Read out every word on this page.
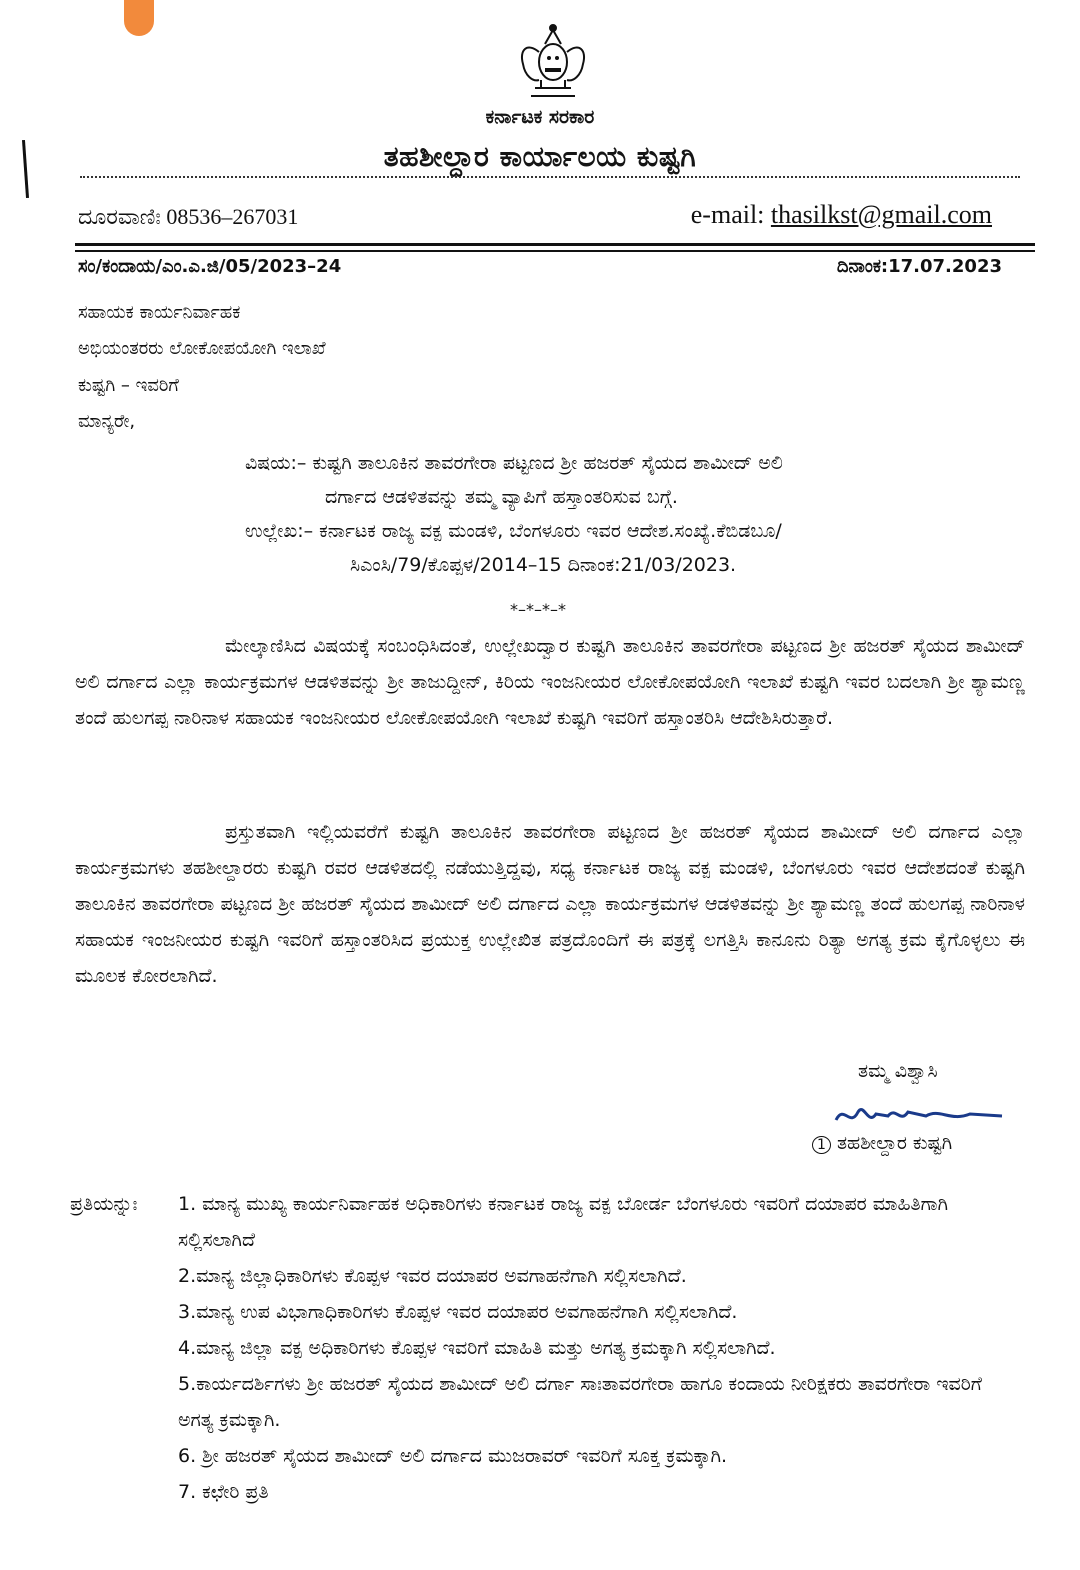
ಕರ್ನಾಟಕ ಸರಕಾರ
ತಹಶೀಲ್ದಾರ ಕಾರ್ಯಾಲಯ ಕುಷ್ಟಗಿ
ದೂರವಾಣಿಃ 08536–267031	e-mail: thasilkst@gmail.com
ಸಂ/ಕಂದಾಯ/ಎಂ.ಎ.ಜಿ/05/2023–24	ದಿನಾಂಕ:17.07.2023
ಸಹಾಯಕ ಕಾರ್ಯನಿರ್ವಾಹಕ
ಅಭಿಯಂತರರು ಲೋಕೋಪಯೋಗಿ ಇಲಾಖೆ
ಕುಷ್ಟಗಿ – ಇವರಿಗೆ
ಮಾನ್ಯರೇ,
ವಿಷಯ:– ಕುಷ್ಟಗಿ ತಾಲೂಕಿನ ತಾವರಗೇರಾ ಪಟ್ಟಣದ ಶ್ರೀ ಹಜರತ್ ಸೈಯದ ಶಾಮೀದ್ ಅಲಿ
ದರ್ಗಾದ ಆಡಳಿತವನ್ನು ತಮ್ಮ ವ್ಯಾಪಿಗೆ ಹಸ್ತಾಂತರಿಸುವ ಬಗ್ಗೆ.
ಉಲ್ಲೇಖ:– ಕರ್ನಾಟಕ ರಾಜ್ಯ ವಕ್ಪ ಮಂಡಳಿ, ಬೆಂಗಳೂರು ಇವರ ಆದೇಶ.ಸಂಖ್ಯೆ.ಕೆಬಿಡಬೂ/
ಸಿಎಂಸಿ/79/ಕೊಪ್ಪಳ/2014–15 ದಿನಾಂಕ:21/03/2023.
*–*–*–*
ಮೇಲ್ಕಾಣಿಸಿದ ವಿಷಯಕ್ಕೆ ಸಂಬಂಧಿಸಿದಂತೆ, ಉಲ್ಲೇಖದ್ವಾರ ಕುಷ್ಟಗಿ ತಾಲೂಕಿನ ತಾವರಗೇರಾ ಪಟ್ಟಣದ ಶ್ರೀ ಹಜರತ್ ಸೈಯದ ಶಾಮೀದ್ ಅಲಿ ದರ್ಗಾದ ಎಲ್ಲಾ ಕಾರ್ಯಕ್ರಮಗಳ ಆಡಳಿತವನ್ನು ಶ್ರೀ ತಾಜುದ್ದೀನ್, ಕಿರಿಯ ಇಂಜನೀಯರ ಲೋಕೋಪಯೋಗಿ ಇಲಾಖೆ ಕುಷ್ಟಗಿ ಇವರ ಬದಲಾಗಿ ಶ್ರೀ ಶ್ಯಾಮಣ್ಣ ತಂದೆ ಹುಲಗಪ್ಪ ನಾರಿನಾಳ ಸಹಾಯಕ ಇಂಜನೀಯರ ಲೋಕೋಪಯೋಗಿ ಇಲಾಖೆ ಕುಷ್ಟಗಿ ಇವರಿಗೆ ಹಸ್ತಾಂತರಿಸಿ ಆದೇಶಿಸಿರುತ್ತಾರೆ.
ಪ್ರಸ್ತುತವಾಗಿ ಇಲ್ಲಿಯವರೆಗೆ ಕುಷ್ಟಗಿ ತಾಲೂಕಿನ ತಾವರಗೇರಾ ಪಟ್ಟಣದ ಶ್ರೀ ಹಜರತ್ ಸೈಯದ ಶಾಮೀದ್ ಅಲಿ ದರ್ಗಾದ ಎಲ್ಲಾ ಕಾರ್ಯಕ್ರಮಗಳು ತಹಶೀಲ್ದಾರರು ಕುಷ್ಟಗಿ ರವರ ಆಡಳಿತದಲ್ಲಿ ನಡೆಯುತ್ತಿದ್ದವು, ಸಧ್ಯ ಕರ್ನಾಟಕ ರಾಜ್ಯ ವಕ್ಪ ಮಂಡಳಿ, ಬೆಂಗಳೂರು ಇವರ ಆದೇಶದಂತೆ ಕುಷ್ಟಗಿ ತಾಲೂಕಿನ ತಾವರಗೇರಾ ಪಟ್ಟಣದ ಶ್ರೀ ಹಜರತ್ ಸೈಯದ ಶಾಮೀದ್ ಅಲಿ ದರ್ಗಾದ ಎಲ್ಲಾ ಕಾರ್ಯಕ್ರಮಗಳ ಆಡಳಿತವನ್ನು ಶ್ರೀ ಶ್ಯಾಮಣ್ಣ ತಂದೆ ಹುಲಗಪ್ಪ ನಾರಿನಾಳ ಸಹಾಯಕ ಇಂಜನೀಯರ ಕುಷ್ಟಗಿ ಇವರಿಗೆ ಹಸ್ತಾಂತರಿಸಿದ ಪ್ರಯುಕ್ತ ಉಲ್ಲೇಖಿತ ಪತ್ರದೊಂದಿಗೆ ಈ ಪತ್ರಕ್ಕೆ ಲಗತ್ತಿಸಿ ಕಾನೂನು ರಿತ್ಯಾ ಅಗತ್ಯ ಕ್ರಮ ಕೈಗೊಳ್ಳಲು ಈ ಮೂಲಕ ಕೋರಲಾಗಿದೆ.
ತಮ್ಮ ವಿಶ್ವಾಸಿ
1 ತಹಶೀಲ್ದಾರ ಕುಷ್ಟಗಿ
ಪ್ರತಿಯನ್ನುಃ 1. ಮಾನ್ಯ ಮುಖ್ಯ ಕಾರ್ಯನಿರ್ವಾಹಕ ಅಧಿಕಾರಿಗಳು ಕರ್ನಾಟಕ ರಾಜ್ಯ ವಕ್ಪ ಬೋರ್ಡ ಬೆಂಗಳೂರು ಇವರಿಗೆ ದಯಾಪರ ಮಾಹಿತಿಗಾಗಿ ಸಲ್ಲಿಸಲಾಗಿದೆ
2.ಮಾನ್ಯ ಜಿಲ್ಲಾಧಿಕಾರಿಗಳು ಕೊಪ್ಪಳ ಇವರ ದಯಾಪರ ಅವಗಾಹನೆಗಾಗಿ ಸಲ್ಲಿಸಲಾಗಿದೆ.
3.ಮಾನ್ಯ ಉಪ ವಿಭಾಗಾಧಿಕಾರಿಗಳು ಕೊಪ್ಪಳ ಇವರ ದಯಾಪರ ಅವಗಾಹನೆಗಾಗಿ ಸಲ್ಲಿಸಲಾಗಿದೆ.
4.ಮಾನ್ಯ ಜಿಲ್ಲಾ ವಕ್ಪ ಅಧಿಕಾರಿಗಳು ಕೊಪ್ಪಳ ಇವರಿಗೆ ಮಾಹಿತಿ ಮತ್ತು ಅಗತ್ಯ ಕ್ರಮಕ್ಕಾಗಿ ಸಲ್ಲಿಸಲಾಗಿದೆ.
5.ಕಾರ್ಯದರ್ಶಿಗಳು ಶ್ರೀ ಹಜರತ್ ಸೈಯದ ಶಾಮೀದ್ ಅಲಿ ದರ್ಗಾ ಸಾಃತಾವರಗೇರಾ ಹಾಗೂ ಕಂದಾಯ ನೀರಿಕ್ಷಕರು ತಾವರಗೇರಾ ಇವರಿಗೆ ಅಗತ್ಯ ಕ್ರಮಕ್ಕಾಗಿ.
6. ಶ್ರೀ ಹಜರತ್ ಸೈಯದ ಶಾಮೀದ್ ಅಲಿ ದರ್ಗಾದ ಮುಜರಾವರ್ ಇವರಿಗೆ ಸೂಕ್ತ ಕ್ರಮಕ್ಕಾಗಿ.
7. ಕಛೇರಿ ಪ್ರತಿ
